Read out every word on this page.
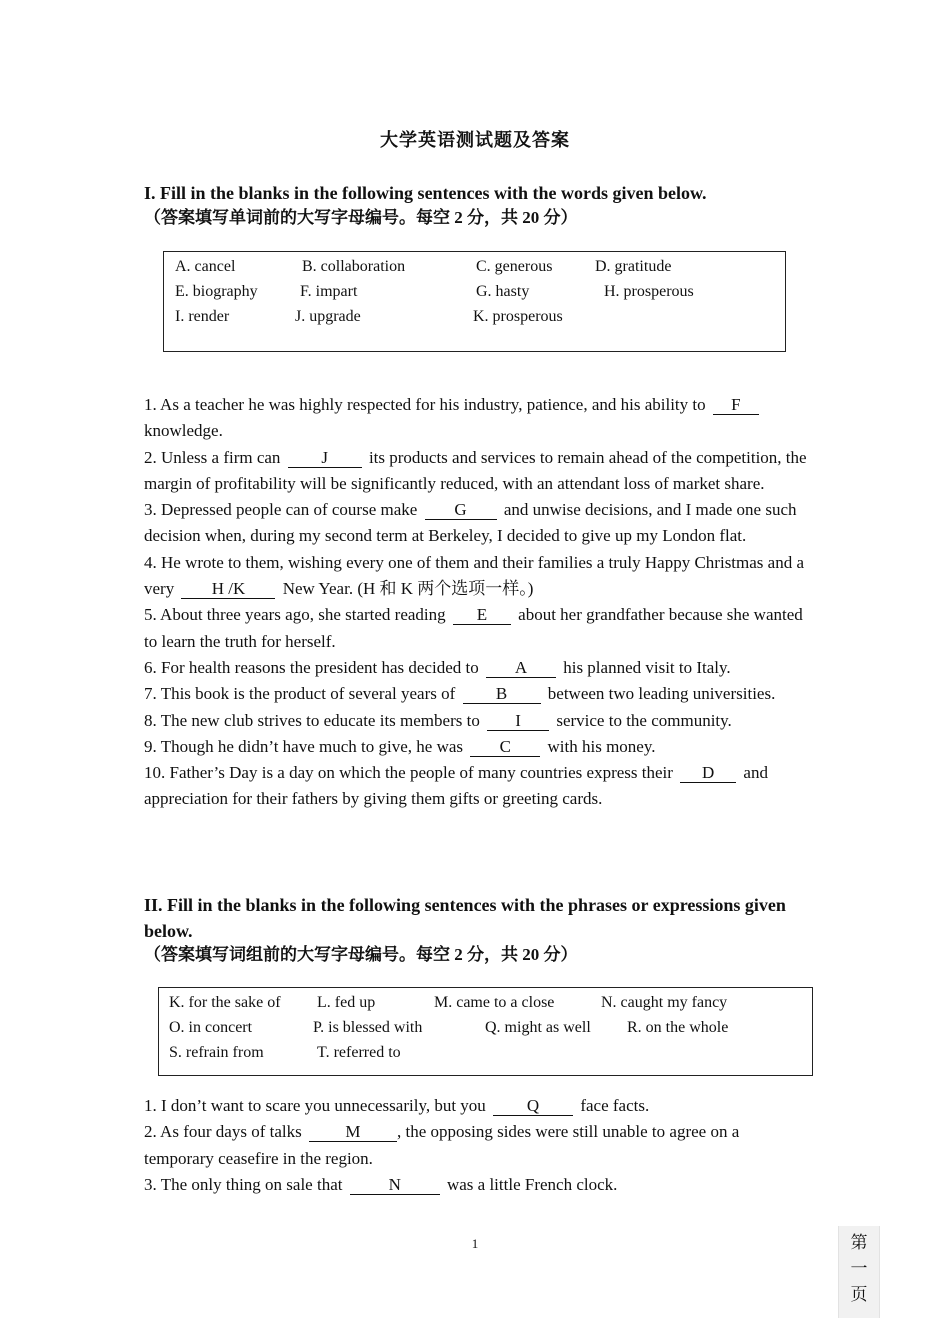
大学英语测试题及答案
I. Fill in the blanks in the following sentences with the words given below.
（答案填写单词前的大写字母编号。每空 2 分，共 20 分）
A. cancel	B. collaboration	C. generous	D. gratitude
E. biography	F. impart	G. hasty	H. prosperous
I. render	J. upgrade	K. prosperous

1. As a teacher he was highly respected for his industry, patience, and his ability to F knowledge.

2. Unless a firm can J its products and services to remain ahead of the competition, the margin of profitability will be significantly reduced, with an attendant loss of market share.

3. Depressed people can of course make G and unwise decisions, and I made one such decision when, during my second term at Berkeley, I decided to give up my London flat.

4. He wrote to them, wishing every one of them and their families a truly Happy Christmas and a very H /K New Year. (H 和 K 两个选项一样。)

5. About three years ago, she started reading E about her grandfather because she wanted to learn the truth for herself.

6. For health reasons the president has decided to A his planned visit to Italy.

7. This book is the product of several years of B between two leading universities.

8. The new club strives to educate its members to I service to the community.

9. Though he didn’t have much to give, he was C with his money.

10. Father’s Day is a day on which the people of many countries express their D and appreciation for their fathers by giving them gifts or greeting cards.

II. Fill in the blanks in the following sentences with the phrases or expressions given below.
（答案填写词组前的大写字母编号。每空 2 分，共 20 分）
K. for the sake of L. fed up	M. came to a close	N. caught my fancy
O. in concert	P. is blessed with	Q. might as well R. on the whole
S. refrain from	T. referred to

1. I don’t want to scare you unnecessarily, but you Q face facts.

2. As four days of talks	M , the opposing sides were still unable to agree on a temporary ceasefire in the region.

3. The only thing on sale that	N	was a little French clock.

1	第
一
页
